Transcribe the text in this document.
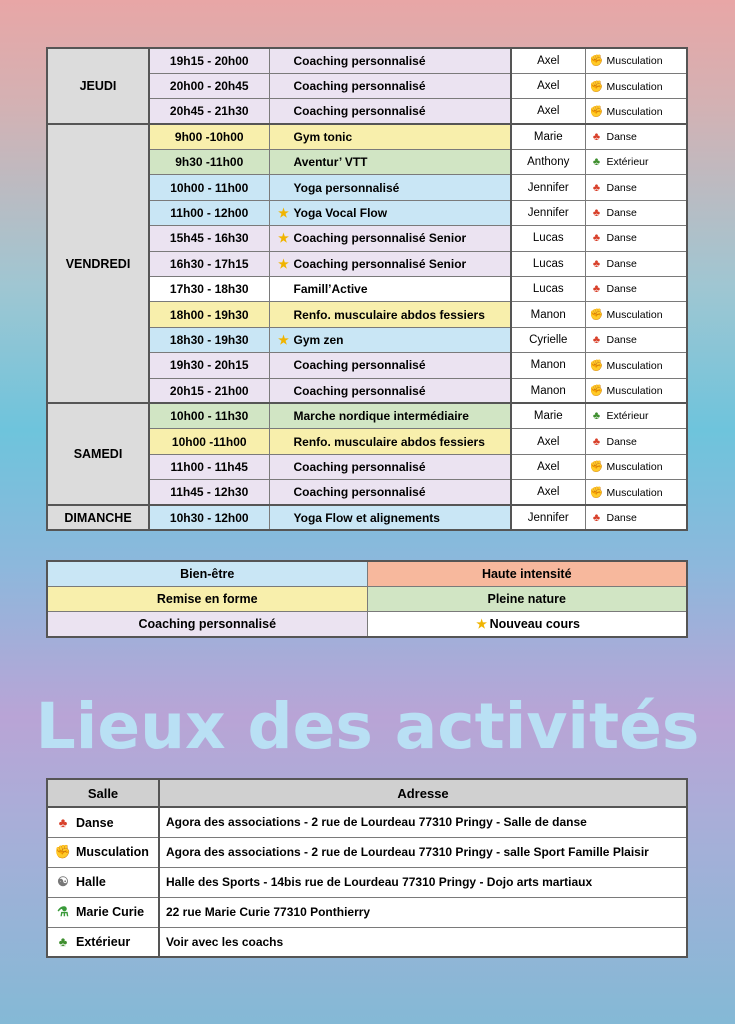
JEUDI	19h15 - 20h00	Coaching personnalisé	Axel	✊ Musculation
	20h00 - 20h45	Coaching personnalisé	Axel	✊ Musculation
	20h45 - 21h30	Coaching personnalisé	Axel	✊ Musculation
VENDREDI	9h00 -10h00	Gym tonic	Marie	♣ Danse
	9h30 -11h00	Aventur’ VTT	Anthony	♣ Extérieur
	10h00 - 11h00	Yoga personnalisé	Jennifer	♣ Danse
	11h00 - 12h00	★ Yoga Vocal Flow	Jennifer	♣ Danse
	15h45 - 16h30	★ Coaching personnalisé Senior	Lucas	♣ Danse
	16h30 - 17h15	★ Coaching personnalisé Senior	Lucas	♣ Danse
	17h30 - 18h30	Famill’Active	Lucas	♣ Danse
	18h00 - 19h30	Renfo. musculaire abdos fessiers	Manon	✊ Musculation
	18h30 - 19h30	★ Gym zen	Cyrielle	♣ Danse
	19h30 - 20h15	Coaching personnalisé	Manon	✊ Musculation
	20h15 - 21h00	Coaching personnalisé	Manon	✊ Musculation
SAMEDI	10h00 - 11h30	Marche nordique intermédiaire	Marie	♣ Extérieur
	10h00 -11h00	Renfo. musculaire abdos fessiers	Axel	♣ Danse
	11h00 - 11h45	Coaching personnalisé	Axel	✊ Musculation
	11h45 - 12h30	Coaching personnalisé	Axel	✊ Musculation
DIMANCHE	10h30 - 12h00	Yoga Flow et alignements	Jennifer	♣ Danse
Bien-être	Haute intensité
Remise en forme	Pleine nature
Coaching personnalisé	★ Nouveau cours
Lieux des activités
Salle	Adresse
♣ Danse	Agora des associations - 2 rue de Lourdeau 77310 Pringy - Salle de danse
✊ Musculation	Agora des associations - 2 rue de Lourdeau 77310 Pringy - salle Sport Famille Plaisir
☯ Halle	Halle des Sports - 14bis rue de Lourdeau 77310 Pringy - Dojo arts martiaux
⚗ Marie Curie	22 rue Marie Curie 77310 Ponthierry
♣ Extérieur	Voir avec les coachs
